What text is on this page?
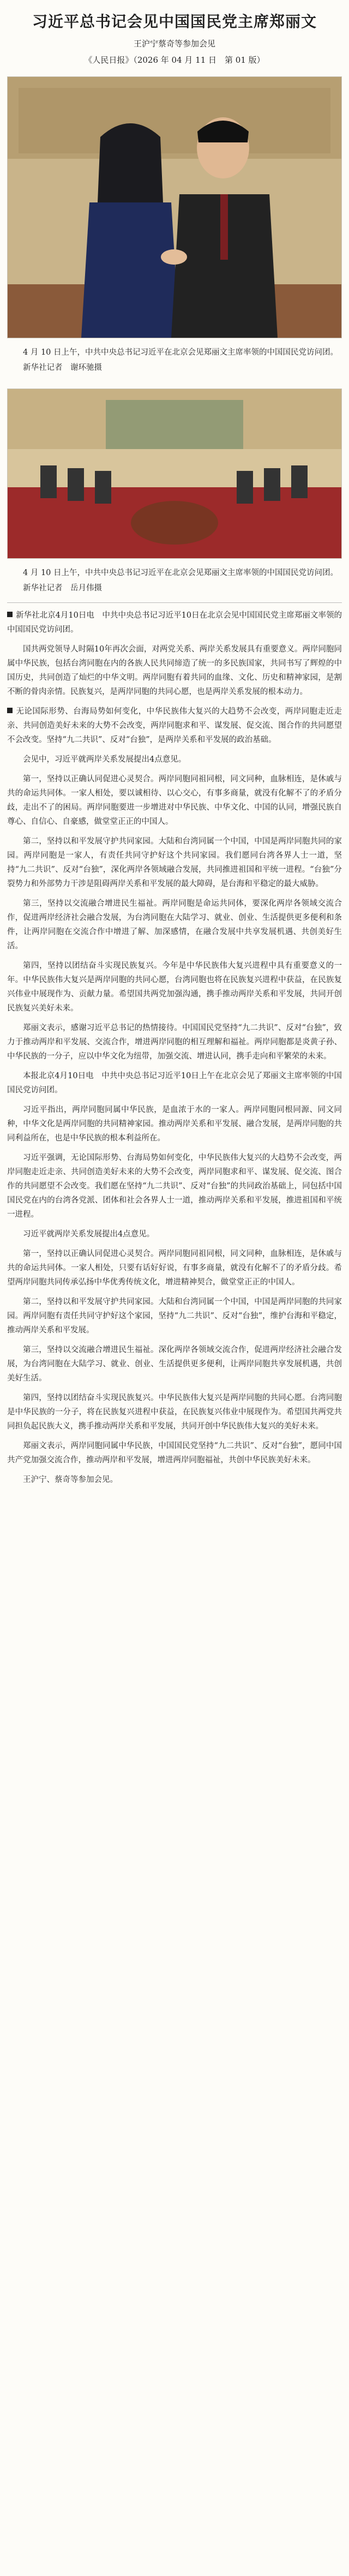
习近平总书记会见中国国民党主席郑丽文
王沪宁蔡奇等参加会见
《人民日报》（2026 年 04 月 11 日　第 01 版）
4 月 10 日上午，中共中央总书记习近平在北京会见郑丽文主席率领的中国国民党访问团。
新华社记者　谢环驰摄
4 月 10 日上午，中共中央总书记习近平在北京会见郑丽文主席率领的中国国民党访问团。
新华社记者　岳月伟摄

新华社北京4月10日电　中共中央总书记习近平10日在北京会见中国国民党主席郑丽文率领的中国国民党访问团。

国共两党领导人时隔10年再次会面，对两党关系、两岸关系发展具有重要意义。两岸同胞同属中华民族，包括台湾同胞在内的各族人民共同缔造了统一的多民族国家，共同书写了辉煌的中国历史，共同创造了灿烂的中华文明。两岸同胞有着共同的血缘、文化、历史和精神家园，是割不断的骨肉亲情。民族复兴，是两岸同胞的共同心愿，也是两岸关系发展的根本动力。

无论国际形势、台海局势如何变化，中华民族伟大复兴的大趋势不会改变，两岸同胞走近走亲、共同创造美好未来的大势不会改变，两岸同胞求和平、谋发展、促交流、图合作的共同愿望不会改变。坚持“九二共识”、反对“台独”，是两岸关系和平发展的政治基础。

会见中，习近平就两岸关系发展提出4点意见。

第一，坚持以正确认同促进心灵契合。两岸同胞同祖同根，同文同种，血脉相连，是休戚与共的命运共同体。一家人相处，要以诚相待、以心交心，有事多商量，就没有化解不了的矛盾分歧，走出不了的困局。两岸同胞要进一步增进对中华民族、中华文化、中国的认同，增强民族自尊心、自信心、自豪感，做堂堂正正的中国人。

第二，坚持以和平发展守护共同家园。大陆和台湾同属一个中国，中国是两岸同胞共同的家园。两岸同胞是一家人，有责任共同守护好这个共同家园。我们愿同台湾各界人士一道，坚持“九二共识”、反对“台独”，深化两岸各领域融合发展，共同推进祖国和平统一进程。“台独”分裂势力和外部势力干涉是阻碍两岸关系和平发展的最大障碍，是台海和平稳定的最大威胁。

第三，坚持以交流融合增进民生福祉。两岸同胞是命运共同体，要深化两岸各领域交流合作，促进两岸经济社会融合发展，为台湾同胞在大陆学习、就业、创业、生活提供更多便利和条件，让两岸同胞在交流合作中增进了解、加深感情，在融合发展中共享发展机遇、共创美好生活。

第四，坚持以团结奋斗实现民族复兴。今年是中华民族伟大复兴进程中具有重要意义的一年。中华民族伟大复兴是两岸同胞的共同心愿，台湾同胞也将在民族复兴进程中获益，在民族复兴伟业中展现作为、贡献力量。希望国共两党加强沟通，携手推动两岸关系和平发展，共同开创民族复兴美好未来。

郑丽文表示，感谢习近平总书记的热情接待。中国国民党坚持“九二共识”、反对“台独”，致力于推动两岸和平发展、交流合作，增进两岸同胞的相互理解和福祉。两岸同胞都是炎黄子孙、中华民族的一分子，应以中华文化为纽带，加强交流、增进认同，携手走向和平繁荣的未来。

本报北京4月10日电　中共中央总书记习近平10日上午在北京会见了郑丽文主席率领的中国国民党访问团。

习近平指出，两岸同胞同属中华民族，是血浓于水的一家人。两岸同胞同根同源、同文同种，中华文化是两岸同胞的共同精神家园。推动两岸关系和平发展、融合发展，是两岸同胞的共同利益所在，也是中华民族的根本利益所在。

习近平强调，无论国际形势、台海局势如何变化，中华民族伟大复兴的大趋势不会改变，两岸同胞走近走亲、共同创造美好未来的大势不会改变，两岸同胞求和平、谋发展、促交流、图合作的共同愿望不会改变。我们愿在坚持“九二共识”、反对“台独”的共同政治基础上，同包括中国国民党在内的台湾各党派、团体和社会各界人士一道，推动两岸关系和平发展，推进祖国和平统一进程。

习近平就两岸关系发展提出4点意见。

第一，坚持以正确认同促进心灵契合。两岸同胞同祖同根，同文同种，血脉相连，是休戚与共的命运共同体。一家人相处，只要有话好好说，有事多商量，就没有化解不了的矛盾分歧。希望两岸同胞共同传承弘扬中华优秀传统文化，增进精神契合，做堂堂正正的中国人。

第二，坚持以和平发展守护共同家园。大陆和台湾同属一个中国，中国是两岸同胞的共同家园。两岸同胞有责任共同守护好这个家园，坚持“九二共识”、反对“台独”，维护台海和平稳定，推动两岸关系和平发展。

第三，坚持以交流融合增进民生福祉。深化两岸各领域交流合作，促进两岸经济社会融合发展，为台湾同胞在大陆学习、就业、创业、生活提供更多便利，让两岸同胞共享发展机遇，共创美好生活。

第四，坚持以团结奋斗实现民族复兴。中华民族伟大复兴是两岸同胞的共同心愿。台湾同胞是中华民族的一分子，将在民族复兴进程中获益，在民族复兴伟业中展现作为。希望国共两党共同担负起民族大义，携手推动两岸关系和平发展，共同开创中华民族伟大复兴的美好未来。

郑丽文表示，两岸同胞同属中华民族，中国国民党坚持“九二共识”、反对“台独”，愿同中国共产党加强交流合作，推动两岸和平发展，增进两岸同胞福祉，共创中华民族美好未来。

王沪宁、蔡奇等参加会见。
